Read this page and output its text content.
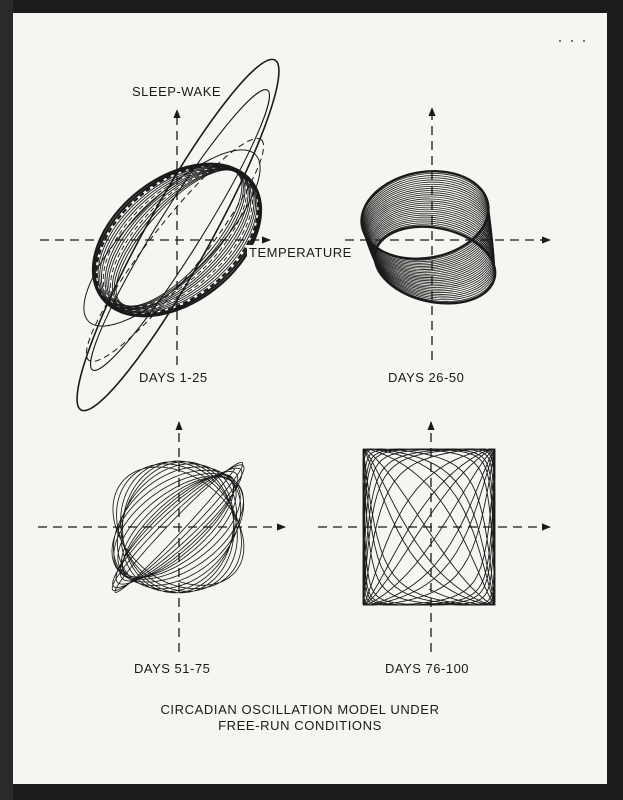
SLEEP-WAKE
TEMPERATURE
DAYS 1-25	DAYS 26-50
DAYS 51-75	DAYS 76-100
CIRCADIAN OSCILLATION MODEL UNDER
FREE-RUN CONDITIONS
